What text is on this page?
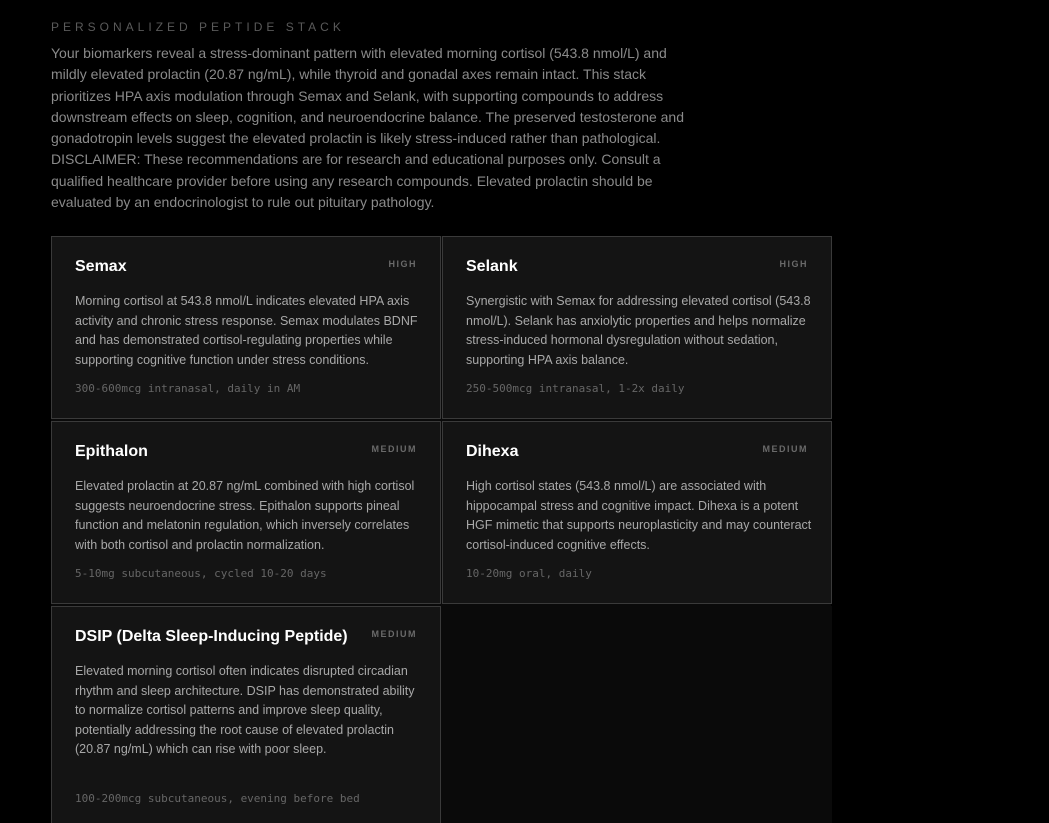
PERSONALIZED PEPTIDE STACK

Your biomarkers reveal a stress-dominant pattern with elevated morning cortisol (543.8 nmol/L) and mildly elevated prolactin (20.87 ng/mL), while thyroid and gonadal axes remain intact. This stack prioritizes HPA axis modulation through Semax and Selank, with supporting compounds to address downstream effects on sleep, cognition, and neuroendocrine balance. The preserved testosterone and gonadotropin levels suggest the elevated prolactin is likely stress-induced rather than pathological. DISCLAIMER: These recommendations are for research and educational purposes only. Consult a qualified healthcare provider before using any research compounds. Elevated prolactin should be evaluated by an endocrinologist to rule out pituitary pathology.

Semax	HIGH

Morning cortisol at 543.8 nmol/L indicates elevated HPA axis activity and chronic stress response. Semax modulates BDNF and has demonstrated cortisol-regulating properties while supporting cognitive function under stress conditions.

300-600mcg intranasal, daily in AM
Selank	HIGH

Synergistic with Semax for addressing elevated cortisol (543.8 nmol/L). Selank has anxiolytic properties and helps normalize stress-induced hormonal dysregulation without sedation, supporting HPA axis balance.

250-500mcg intranasal, 1-2x daily
Epithalon	MEDIUM

Elevated prolactin at 20.87 ng/mL combined with high cortisol suggests neuroendocrine stress. Epithalon supports pineal function and melatonin regulation, which inversely correlates with both cortisol and prolactin normalization.

5-10mg subcutaneous, cycled 10-20 days
Dihexa	MEDIUM

High cortisol states (543.8 nmol/L) are associated with hippocampal stress and cognitive impact. Dihexa is a potent HGF mimetic that supports neuroplasticity and may counteract cortisol-induced cognitive effects.

10-20mg oral, daily
DSIP (Delta Sleep-Inducing Peptide)	MEDIUM

Elevated morning cortisol often indicates disrupted circadian rhythm and sleep architecture. DSIP has demonstrated ability to normalize cortisol patterns and improve sleep quality, potentially addressing the root cause of elevated prolactin (20.87 ng/mL) which can rise with poor sleep.

100-200mcg subcutaneous, evening before bed
